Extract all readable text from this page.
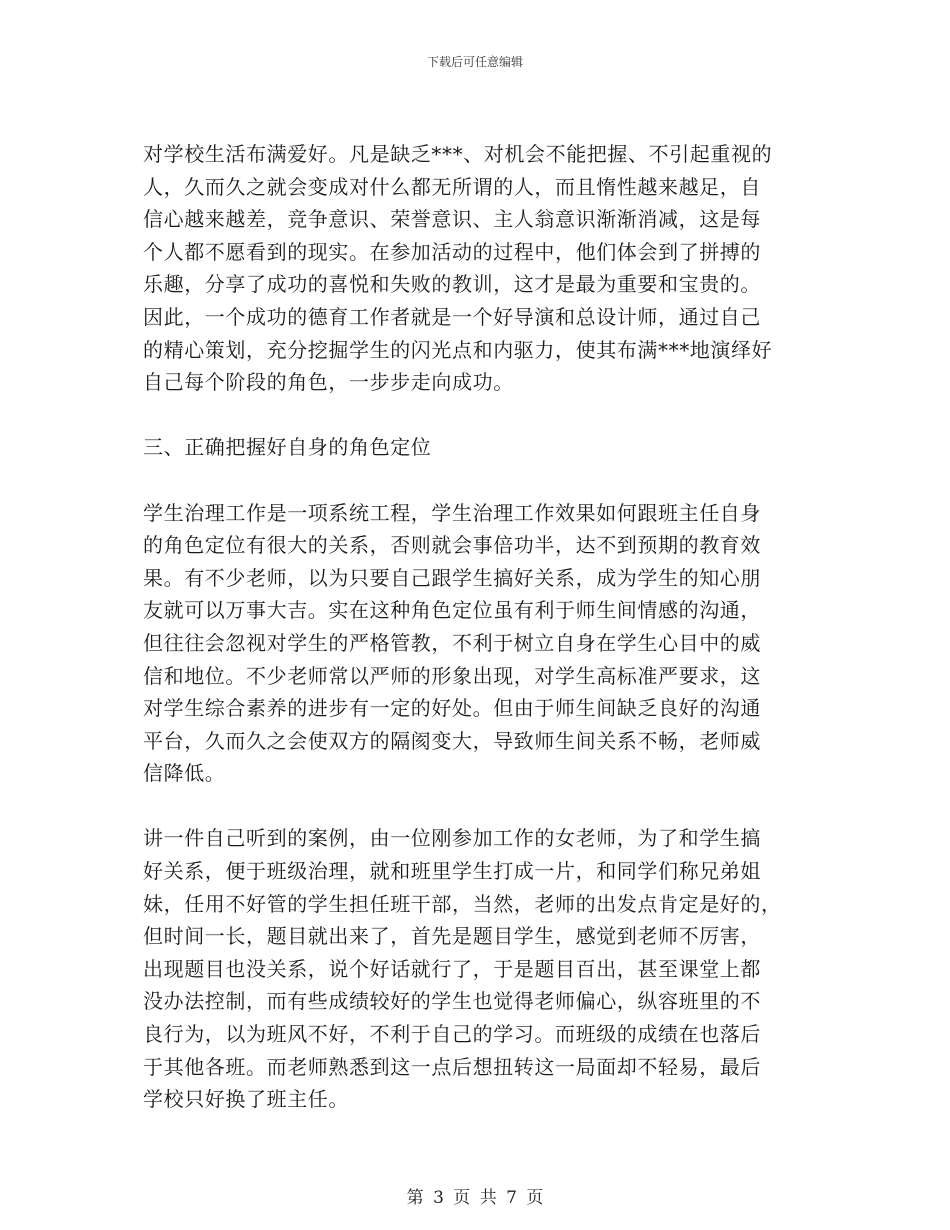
下载后可任意编辑
对学校生活布满爱好。凡是缺乏***、对机会不能把握、不引起重视的
人，久而久之就会变成对什么都无所谓的人，而且惰性越来越足，自
信心越来越差，竞争意识、荣誉意识、主人翁意识渐渐消减，这是每
个人都不愿看到的现实。在参加活动的过程中，他们体会到了拼搏的
乐趣，分享了成功的喜悦和失败的教训，这才是最为重要和宝贵的。
因此，一个成功的德育工作者就是一个好导演和总设计师，通过自己
的精心策划，充分挖掘学生的闪光点和内驱力，使其布满***地演绎好
自己每个阶段的角色，一步步走向成功。
三、正确把握好自身的角色定位
学生治理工作是一项系统工程，学生治理工作效果如何跟班主任自身
的角色定位有很大的关系，否则就会事倍功半，达不到预期的教育效
果。有不少老师，以为只要自己跟学生搞好关系，成为学生的知心朋
友就可以万事大吉。实在这种角色定位虽有利于师生间情感的沟通，
但往往会忽视对学生的严格管教，不利于树立自身在学生心目中的威
信和地位。不少老师常以严师的形象出现，对学生高标准严要求，这
对学生综合素养的进步有一定的好处。但由于师生间缺乏良好的沟通
平台，久而久之会使双方的隔阂变大，导致师生间关系不畅，老师威
信降低。
讲一件自己听到的案例，由一位刚参加工作的女老师，为了和学生搞
好关系，便于班级治理，就和班里学生打成一片，和同学们称兄弟姐
妹，任用不好管的学生担任班干部，当然，老师的出发点肯定是好的，
但时间一长，题目就出来了，首先是题目学生，感觉到老师不厉害，
出现题目也没关系，说个好话就行了，于是题目百出，甚至课堂上都
没办法控制，而有些成绩较好的学生也觉得老师偏心，纵容班里的不
良行为，以为班风不好，不利于自己的学习。而班级的成绩在也落后
于其他各班。而老师熟悉到这一点后想扭转这一局面却不轻易，最后
学校只好换了班主任。
第 3 页 共 7 页
